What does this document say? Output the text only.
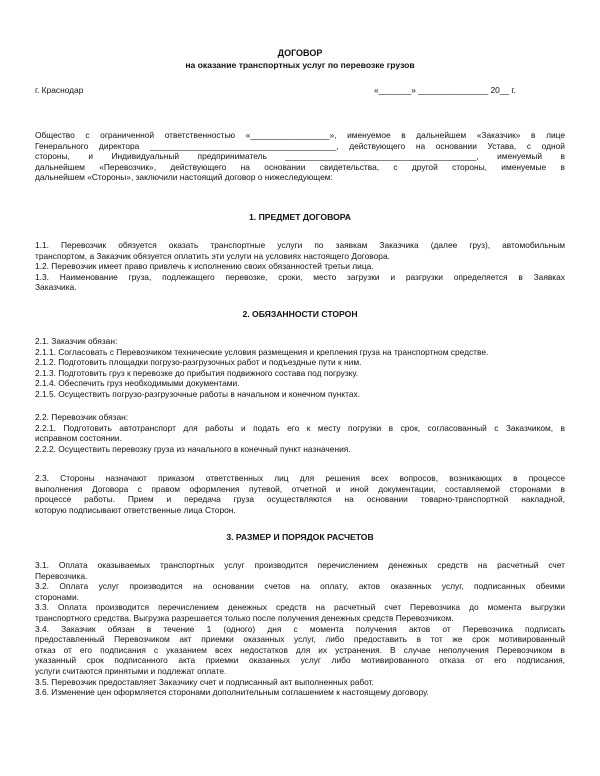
ДОГОВОР
на оказание транспортных услуг по перевозке грузов
г. Краснодар	«_______» _______________ 20__ г.
Общество с ограниченной ответственностью «_________________», именуемое в дальнейшем «Заказчик» в лице
Генерального директора ________________________________________, действующего на основании Устава, с одной
стороны, и Индивидуальный предприниматель _________________________________________, именуемый в
дальнейшем «Перевозчик», действующего на основании свидетельства, с другой стороны, именуемые в
дальнейшем «Стороны», заключили настоящий договор о нижеследующем:
1. ПРЕДМЕТ ДОГОВОРА
1.1. Перевозчик обязуется оказать транспортные услуги по заявкам Заказчика (далее груз), автомобильным
транспортом, а Заказчик обязуется оплатить эти услуги на условиях настоящего Договора.
1.2. Перевозчик имеет право привлечь к исполнению своих обязанностей третьи лица.
1.3. Наименование груза, подлежащего перевозке, сроки, место загрузки и разгрузки определяется в Заявках
Заказчика.
2. ОБЯЗАННОСТИ СТОРОН
2.1. Заказчик обязан:
2.1.1. Согласовать с Перевозчиком технические условия размещения и крепления груза на транспортном средстве.
2.1.2. Подготовить площадки погрузо-разгрузочных работ и подъездные пути к ним.
2.1.3. Подготовить груз к перевозке до прибытия подвижного состава под погрузку.
2.1.4. Обеспечить груз необходимыми документами.
2.1.5. Осуществить погрузо-разгрузочные работы в начальном и конечном пунктах.
2.2. Перевозчик обязан:
2.2.1. Подготовить автотранспорт для работы и подать его к месту погрузки в срок, согласованный с Заказчиком, в
исправном состоянии.
2.2.2. Осуществить перевозку груза из начального в конечный пункт назначения.
2.3. Стороны назначают приказом ответственных лиц для решения всех вопросов, возникающих в процессе
выполнения Договора с правом оформления путевой, отчетной и иной документации, составляемой сторонами в
процессе работы. Прием и передача груза осуществляются на основании товарно-транспортной накладной,
которую подписывают ответственные лица Сторон.
3. РАЗМЕР И ПОРЯДОК РАСЧЕТОВ
3.1. Оплата оказываемых транспортных услуг производится перечислением денежных средств на расчетный счет
Перевозчика.
3.2. Оплата услуг производится на основании счетов на оплату, актов оказанных услуг, подписанных обеими
сторонами.
3.3. Оплата производится перечислением денежных средств на расчетный счет Перевозчика до момента выгрузки
транспортного средства. Выгрузка разрешается только после получения денежных средств Перевозчиком.
3.4. Заказчик обязан в течение 1 (одного) дня с момента получения актов от Перевозчика подписать
предоставленный Перевозчиком акт приемки оказанных услуг, либо предоставить в тот же срок мотивированный
отказ от его подписания с указанием всех недостатков для их устранения. В случае неполучения Перевозчиком в
указанный срок подписанного акта приемки оказанных услуг либо мотивированного отказа от его подписания,
услуги считаются принятыми и подлежат оплате.
3.5. Перевозчик предоставляет Заказчику счет и подписанный акт выполненных работ.
3.6. Изменение цен оформляется сторонами дополнительным соглашением к настоящему договору.
